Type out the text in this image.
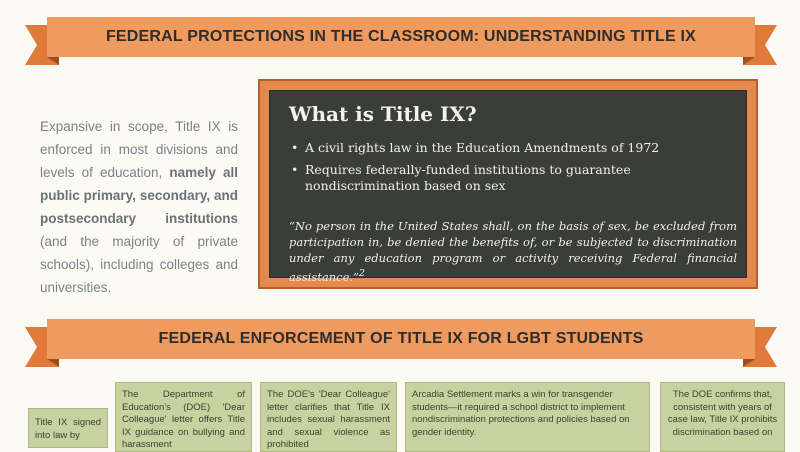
FEDERAL PROTECTIONS IN THE CLASSROOM: UNDERSTANDING TITLE IX
Expansive in scope, Title IX is enforced in most divisions and levels of education, namely all public primary, secondary, and postsecondary institutions (and the majority of private schools), including colleges and universities.
What is Title IX?
• A civil rights law in the Education Amendments of 1972
• Requires federally-funded institutions to guarantee nondiscrimination based on sex
“No person in the United States shall, on the basis of sex, be excluded from participation in, be denied the benefits of, or be subjected to discrimination under any education program or activity receiving Federal financial assistance.”$^2$
FEDERAL ENFORCEMENT OF TITLE IX FOR LGBT STUDENTS
Title IX signed into law by
The Department of Education's (DOE) 'Dear Colleague' letter offers Title IX guidance on bullying and harassment
The DOE's 'Dear Colleague' letter clarifies that Title IX includes sexual harassment and sexual violence as prohibited
Arcadia Settlement marks a win for transgender students—it required a school district to implement nondiscrimination protections and policies based on gender identity.
The DOE confirms that, consistent with years of case law, Title IX prohibits discrimination based on
